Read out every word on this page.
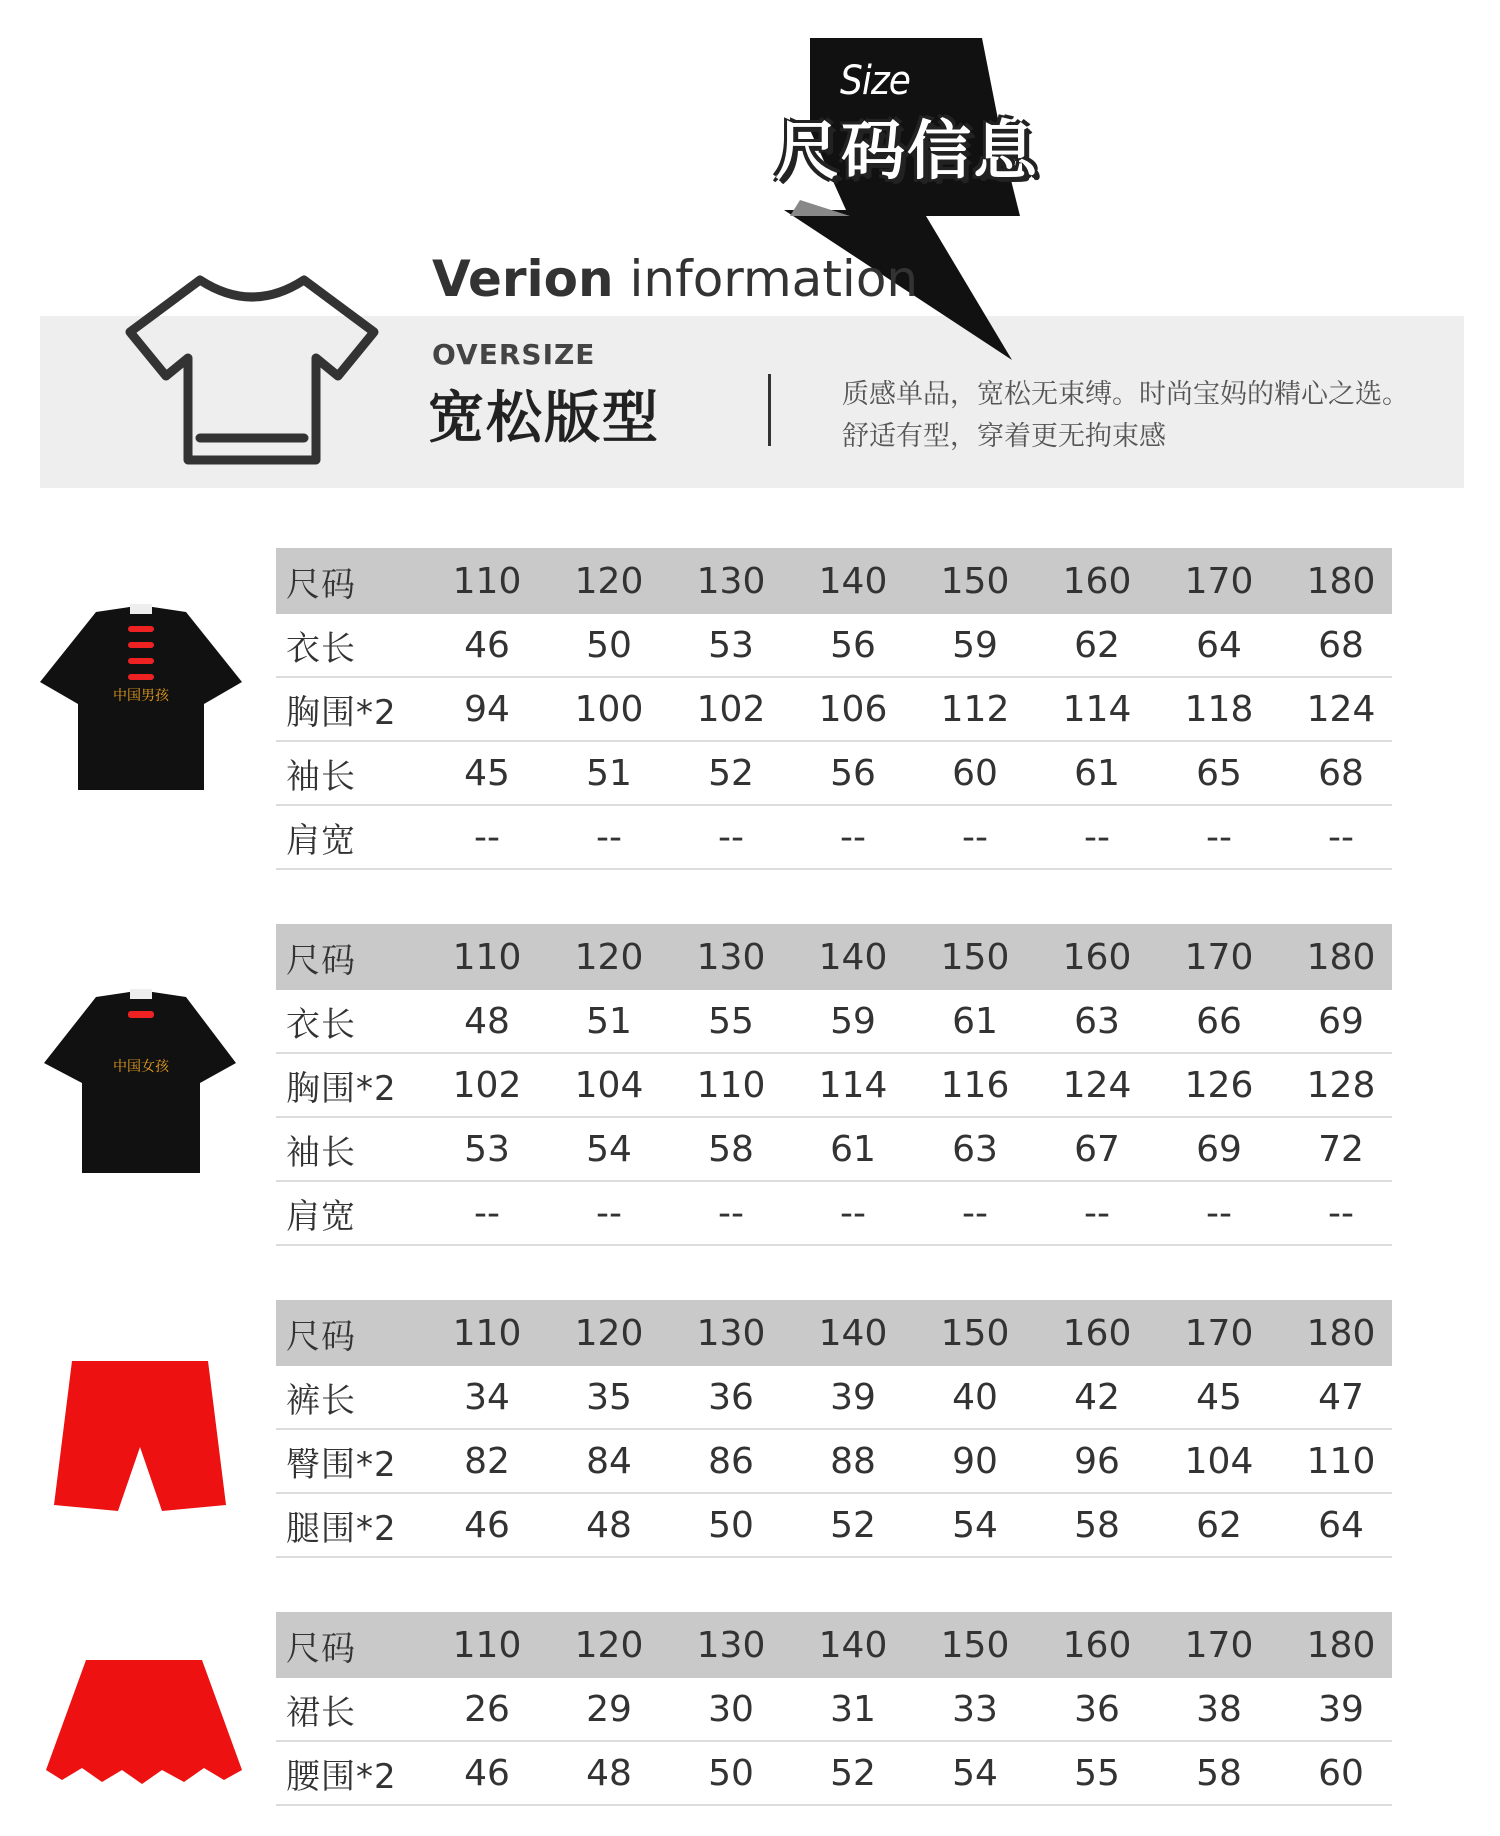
Size
尺码信息
Verion information
OVERSIZE
宽松版型	质感单品，宽松无束缚。时尚宝妈的精心之选。
舒适有型，穿着更无拘束感
中国男孩
中国女孩
尺码	110	120	130	140	150	160	170	180
衣长	46	50	53	56	59	62	64	68
胸围*2	94	100	102	106	112	114	118	124
袖长	45	51	52	56	60	61	65	68
肩宽	--	--	--	--	--	--	--	--
尺码	110	120	130	140	150	160	170	180
衣长	48	51	55	59	61	63	66	69
胸围*2	102	104	110	114	116	124	126	128
袖长	53	54	58	61	63	67	69	72
肩宽	--	--	--	--	--	--	--	--
尺码	110	120	130	140	150	160	170	180
裤长	34	35	36	39	40	42	45	47
臀围*2	82	84	86	88	90	96	104	110
腿围*2	46	48	50	52	54	58	62	64
尺码	110	120	130	140	150	160	170	180
裙长	26	29	30	31	33	36	38	39
腰围*2	46	48	50	52	54	55	58	60
